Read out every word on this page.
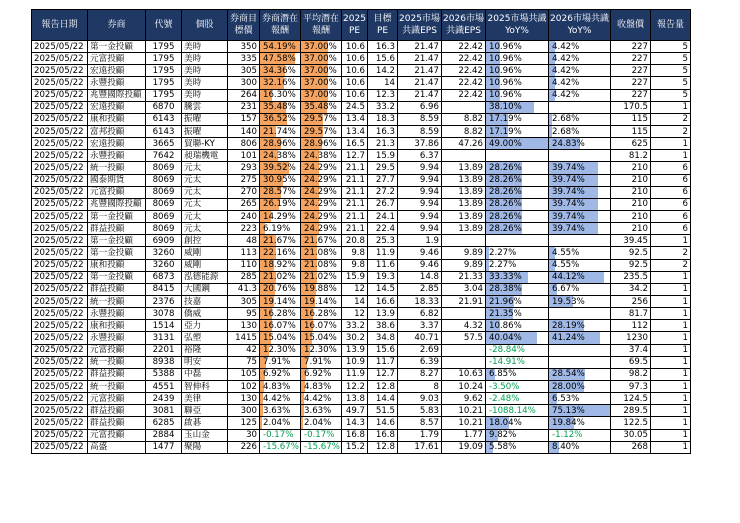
報告日期	券商	代號	個股	券商目標價	券商潛在報酬	平均潛在報酬	2025 PE	目標 PE	2025市場共識EPS	2026市場共識EPS	2025市場共識YoY%	2026市場共識YoY%	收盤價	報告量
2025/05/22	第一金投顧	1795	美時	350	54.19%	37.00%	10.6	16.3	21.47	22.42	10.96%	4.42%	227	5
2025/05/22	元富投顧	1795	美時	335	47.58%	37.00%	10.6	15.6	21.47	22.42	10.96%	4.42%	227	5
2025/05/22	宏遠投顧	1795	美時	305	34.36%	37.00%	10.6	14.2	21.47	22.42	10.96%	4.42%	227	5
2025/05/22	永豐投顧	1795	美時	300	32.16%	37.00%	10.6	14	21.47	22.42	10.96%	4.42%	227	5
2025/05/22	兆豐國際投顧	1795	美時	264	16.30%	37.00%	10.6	12.3	21.47	22.42	10.96%	4.42%	227	5
2025/05/22	宏遠投顧	6870	騰雲	231	35.48%	35.48%	24.5	33.2	6.96		38.10%		170.5	1
2025/05/22	康和投顧	6143	振曜	157	36.52%	29.57%	13.4	18.3	8.59	8.82	17.19%	2.68%	115	2
2025/05/22	富邦投顧	6143	振曜	140	21.74%	29.57%	13.4	16.3	8.59	8.82	17.19%	2.68%	115	2
2025/05/22	宏遠投顧	3665	貿聯-KY	806	28.96%	28.96%	16.5	21.3	37.86	47.26	49.00%	24.83%	625	1
2025/05/22	永豐投顧	7642	昶瑞機電	101	24.38%	24.38%	12.7	15.9	6.37				81.2	1
2025/05/22	統一投顧	8069	元太	293	39.52%	24.29%	21.1	29.5	9.94	13.89	28.26%	39.74%	210	6
2025/05/22	國泰期貨	8069	元太	275	30.95%	24.29%	21.1	27.7	9.94	13.89	28.26%	39.74%	210	6
2025/05/22	元富投顧	8069	元太	270	28.57%	24.29%	21.1	27.2	9.94	13.89	28.26%	39.74%	210	6
2025/05/22	兆豐國際投顧	8069	元太	265	26.19%	24.29%	21.1	26.7	9.94	13.89	28.26%	39.74%	210	6
2025/05/22	第一金投顧	8069	元太	240	14.29%	24.29%	21.1	24.1	9.94	13.89	28.26%	39.74%	210	6
2025/05/22	群益投顧	8069	元太	223	6.19%	24.29%	21.1	22.4	9.94	13.89	28.26%	39.74%	210	6
2025/05/22	第一金投顧	6909	創控	48	21.67%	21.67%	20.8	25.3	1.9				39.45	1
2025/05/22	第一金投顧	3260	威剛	113	22.16%	21.08%	9.8	11.9	9.46	9.89	2.27%	4.55%	92.5	2
2025/05/22	康和投顧	3260	威剛	110	18.92%	21.08%	9.8	11.6	9.46	9.89	2.27%	4.55%	92.5	2
2025/05/22	第一金投顧	6873	泓德能源	285	21.02%	21.02%	15.9	19.3	14.8	21.33	33.33%	44.12%	235.5	1
2025/05/22	群益投顧	8415	大國鋼	41.3	20.76%	19.88%	12	14.5	2.85	3.04	28.38%	6.67%	34.2	1
2025/05/22	統一投顧	2376	技嘉	305	19.14%	19.14%	14	16.6	18.33	21.91	21.96%	19.53%	256	1
2025/05/22	永豐投顧	3078	僑威	95	16.28%	16.28%	12	13.9	6.82		21.35%		81.7	1
2025/05/22	康和投顧	1514	亞力	130	16.07%	16.07%	33.2	38.6	3.37	4.32	10.86%	28.19%	112	1
2025/05/22	永豐投顧	3131	弘塑	1415	15.04%	15.04%	30.2	34.8	40.71	57.5	40.04%	41.24%	1230	1
2025/05/22	元富投顧	2201	裕隆	42	12.30%	12.30%	13.9	15.6	2.69		-28.84%		37.4	1
2025/05/22	統一投顧	8938	明安	75	7.91%	7.91%	10.9	11.7	6.39		-14.91%		69.5	1
2025/05/22	群益投顧	5388	中磊	105	6.92%	6.92%	11.9	12.7	8.27	10.63	6.85%	28.54%	98.2	1
2025/05/22	統一投顧	4551	智伸科	102	4.83%	4.83%	12.2	12.8	8	10.24	-3.50%	28.00%	97.3	1
2025/05/22	元富投顧	2439	美律	130	4.42%	4.42%	13.8	14.4	9.03	9.62	-2.48%	6.53%	124.5	1
2025/05/22	群益投顧	3081	聯亞	300	3.63%	3.63%	49.7	51.5	5.83	10.21	-1088.14%	75.13%	289.5	1
2025/05/22	群益投顧	6285	啟碁	125	2.04%	2.04%	14.3	14.6	8.57	10.21	18.04%	19.84%	122.5	1
2025/05/22	元富投顧	2884	玉山金	30	-0.17%	-0.17%	16.8	16.8	1.79	1.77	9.82%	-1.12%	30.05	1
2025/05/22	高盛	1477	聚陽	226	-15.67%	-15.67%	15.2	12.8	17.61	19.09	5.58%	8.40%	268	1
